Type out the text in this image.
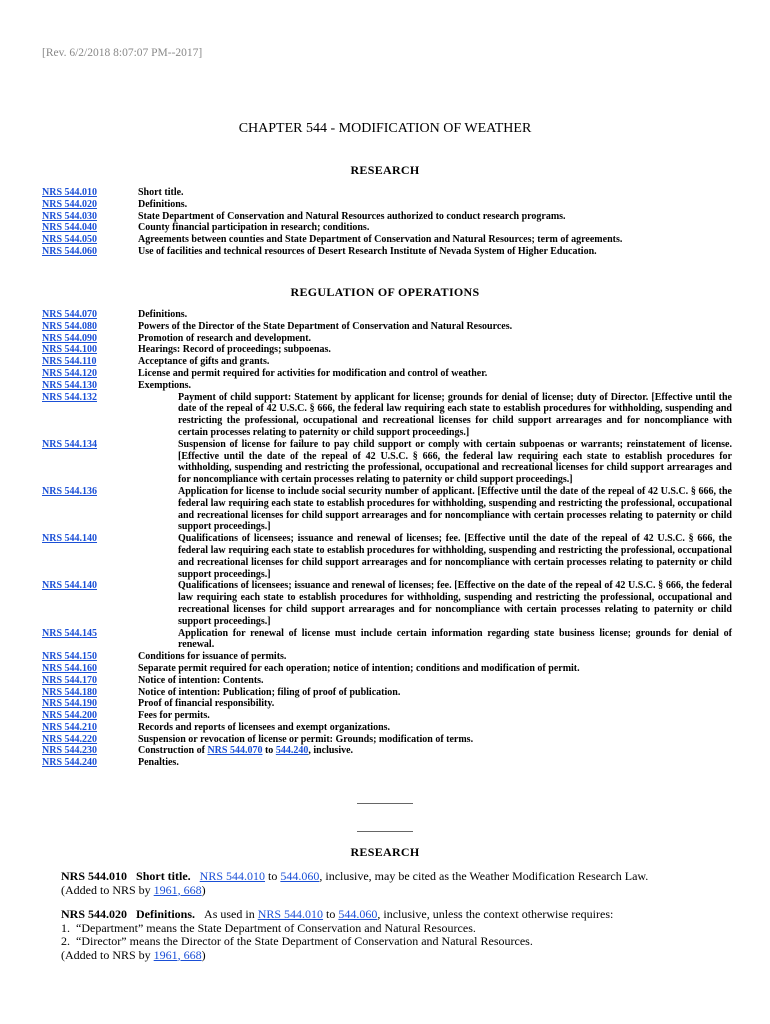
[Rev. 6/2/2018 8:07:07 PM--2017]
CHAPTER 544 - MODIFICATION OF WEATHER
RESEARCH
NRS 544.010	Short title.
NRS 544.020	Definitions.
NRS 544.030	State Department of Conservation and Natural Resources authorized to conduct research programs.
NRS 544.040	County financial participation in research; conditions.
NRS 544.050	Agreements between counties and State Department of Conservation and Natural Resources; term of agreements.
NRS 544.060	Use of facilities and technical resources of Desert Research Institute of Nevada System of Higher Education.
REGULATION OF OPERATIONS
NRS 544.070	Definitions.
NRS 544.080	Powers of the Director of the State Department of Conservation and Natural Resources.
NRS 544.090	Promotion of research and development.
NRS 544.100	Hearings: Record of proceedings; subpoenas.
NRS 544.110	Acceptance of gifts and grants.
NRS 544.120	License and permit required for activities for modification and control of weather.
NRS 544.130	Exemptions.
NRS 544.132	Payment of child support: Statement by applicant for license; grounds for denial of license; duty of Director. [Effective until the date of the repeal of 42 U.S.C. § 666, the federal law requiring each state to establish procedures for withholding, suspending and restricting the professional, occupational and recreational licenses for child support arrearages and for noncompliance with certain processes relating to paternity or child support proceedings.]
NRS 544.134	Suspension of license for failure to pay child support or comply with certain subpoenas or warrants; reinstatement of license. [Effective until the date of the repeal of 42 U.S.C. § 666, the federal law requiring each state to establish procedures for withholding, suspending and restricting the professional, occupational and recreational licenses for child support arrearages and for noncompliance with certain processes relating to paternity or child support proceedings.]
NRS 544.136	Application for license to include social security number of applicant. [Effective until the date of the repeal of 42 U.S.C. § 666, the federal law requiring each state to establish procedures for withholding, suspending and restricting the professional, occupational and recreational licenses for child support arrearages and for noncompliance with certain processes relating to paternity or child support proceedings.]
NRS 544.140	Qualifications of licensees; issuance and renewal of licenses; fee. [Effective until the date of the repeal of 42 U.S.C. § 666, the federal law requiring each state to establish procedures for withholding, suspending and restricting the professional, occupational and recreational licenses for child support arrearages and for noncompliance with certain processes relating to paternity or child support proceedings.]
NRS 544.140	Qualifications of licensees; issuance and renewal of licenses; fee. [Effective on the date of the repeal of 42 U.S.C. § 666, the federal law requiring each state to establish procedures for withholding, suspending and restricting the professional, occupational and recreational licenses for child support arrearages and for noncompliance with certain processes relating to paternity or child support proceedings.]
NRS 544.145	Application for renewal of license must include certain information regarding state business license; grounds for denial of renewal.
NRS 544.150	Conditions for issuance of permits.
NRS 544.160	Separate permit required for each operation; notice of intention; conditions and modification of permit.
NRS 544.170	Notice of intention: Contents.
NRS 544.180	Notice of intention: Publication; filing of proof of publication.
NRS 544.190	Proof of financial responsibility.
NRS 544.200	Fees for permits.
NRS 544.210	Records and reports of licensees and exempt organizations.
NRS 544.220	Suspension or revocation of license or permit: Grounds; modification of terms.
NRS 544.230	Construction of NRS 544.070 to 544.240, inclusive.
NRS 544.240	Penalties.
RESEARCH

NRS 544.010 Short title. NRS 544.010 to 544.060, inclusive, may be cited as the Weather Modification Research Law.

(Added to NRS by 1961, 668)

NRS 544.020 Definitions. As used in NRS 544.010 to 544.060, inclusive, unless the context otherwise requires:

1.  “Department” means the State Department of Conservation and Natural Resources.

2.  “Director” means the Director of the State Department of Conservation and Natural Resources.

(Added to NRS by 1961, 668)
